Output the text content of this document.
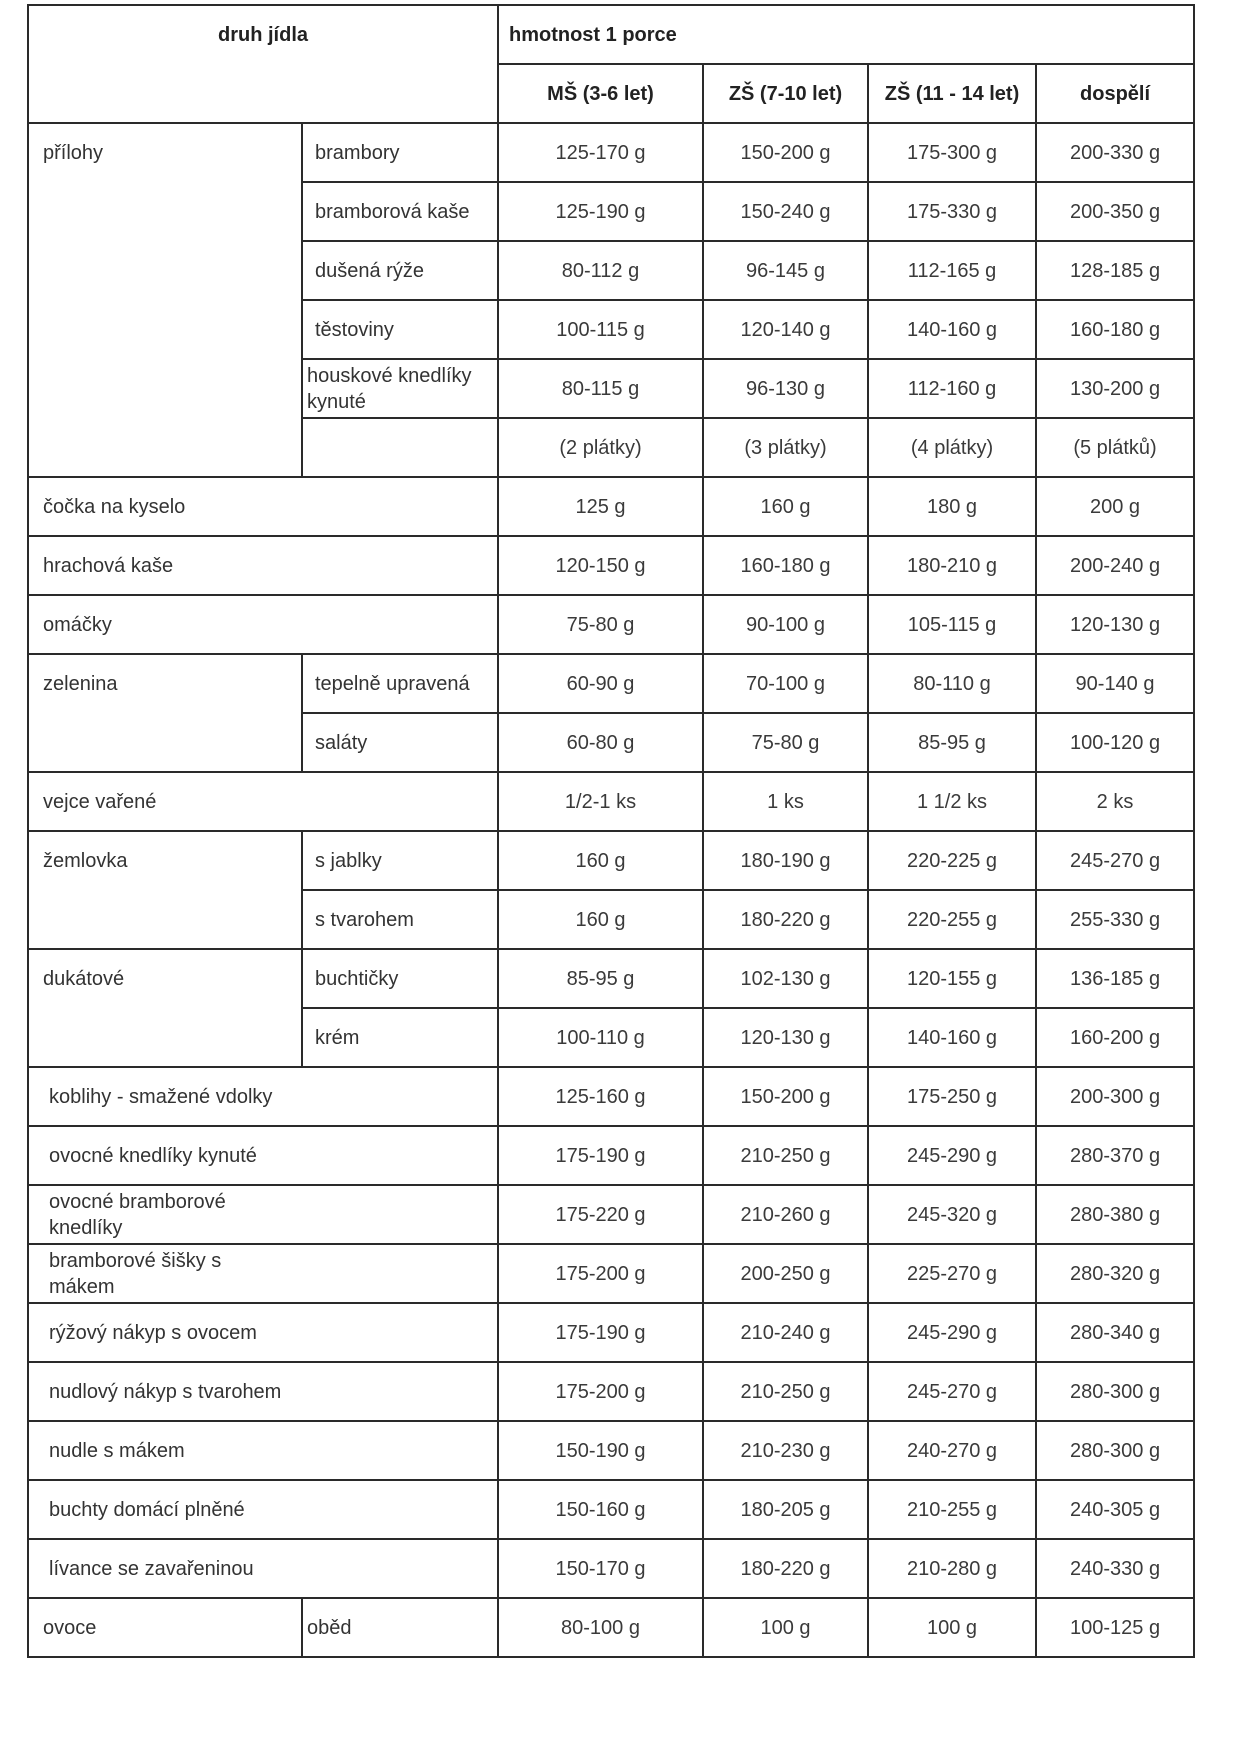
druh jídla		hmotnost 1 porce			
		MŠ (3-6 let)	ZŠ (7-10 let)	ZŠ (11 - 14 let)	dospělí
přílohy	brambory	125-170 g	150-200 g	175-300 g	200-330 g
	bramborová kaše	125-190 g	150-240 g	175-330 g	200-350 g
	dušená rýže	80-112 g	96-145 g	112-165 g	128-185 g
	těstoviny	100-115 g	120-140 g	140-160 g	160-180 g
	houskové knedlíky kynuté	80-115 g	96-130 g	112-160 g	130-200 g
		(2 plátky)	(3 plátky)	(4 plátky)	(5 plátků)
čočka na kyselo		125 g	160 g	180 g	200 g
hrachová kaše		120-150 g	160-180 g	180-210 g	200-240 g
omáčky		75-80 g	90-100 g	105-115 g	120-130 g
zelenina	tepelně upravená	60-90 g	70-100 g	80-110 g	90-140 g
	saláty	60-80 g	75-80 g	85-95 g	100-120 g
vejce vařené		1/2-1 ks	1 ks	1 1/2 ks	2 ks
žemlovka	s jablky	160 g	180-190 g	220-225 g	245-270 g
	s tvarohem	160 g	180-220 g	220-255 g	255-330 g
dukátové	buchtičky	85-95 g	102-130 g	120-155 g	136-185 g
	krém	100-110 g	120-130 g	140-160 g	160-200 g
koblihy - smažené vdolky		125-160 g	150-200 g	175-250 g	200-300 g
ovocné knedlíky kynuté		175-190 g	210-250 g	245-290 g	280-370 g

ovocné bramborové knedlíky		175-220 g	210-260 g	245-320 g	280-380 g

bramborové šišky s mákem		175-200 g	200-250 g	225-270 g	280-320 g
rýžový nákyp s ovocem		175-190 g	210-240 g	245-290 g	280-340 g
nudlový nákyp s tvarohem		175-200 g	210-250 g	245-270 g	280-300 g
nudle s mákem		150-190 g	210-230 g	240-270 g	280-300 g
buchty domácí plněné		150-160 g	180-205 g	210-255 g	240-305 g
lívance se zavařeninou		150-170 g	180-220 g	210-280 g	240-330 g
ovoce	oběd	80-100 g	100 g	100 g	100-125 g
